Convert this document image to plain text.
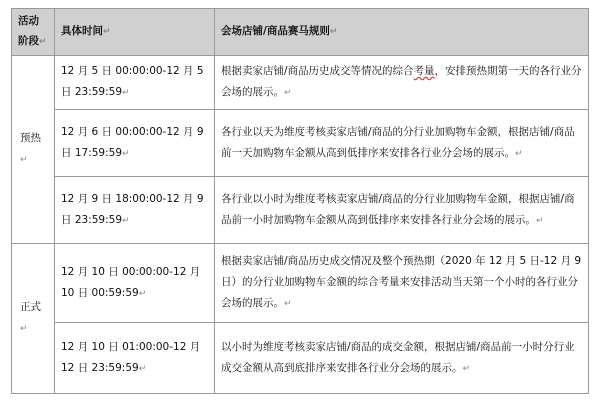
活动阶段↵	具体时间↵	会场店铺/商品赛马规则↵
预热↵	12 月 5 日 00:00:00-12 月 5 日 23:59:59↵	根据卖家店铺/商品历史成交等情况的综合考量，安排预热期第一天的各行业分会场的展示。↵
	12 月 6 日 00:00:00-12 月 9 日 17:59:59↵	各行业以天为维度考核卖家店铺/商品的分行业加购物车金额，根据店铺/商品前一天加购物车金额从高到低排序来安排各行业分会场的展示。↵
	12 月 9 日 18:00:00-12 月 9 日 23:59:59↵	各行业以小时为维度考核卖家店铺/商品的分行业加购物车金额，根据店铺/商品前一小时加购物车金额从高到低排序来安排各行业分会场的展示。↵
正式↵	12 月 10 日 00:00:00-12 月 10 日 00:59:59↵	根据卖家店铺/商品历史成交情况及整个预热期（2020 年 12 月 5 日-12 月 9 日）的分行业加购物车金额的综合考量来安排活动当天第一个小时的各行业分会场的展示。↵
	12 月 10 日 01:00:00-12 月 12 日 23:59:59↵	以小时为维度考核卖家店铺/商品的成交金额，根据店铺/商品前一小时分行业成交金额从高到底排序来安排各行业分会场的展示。↵
